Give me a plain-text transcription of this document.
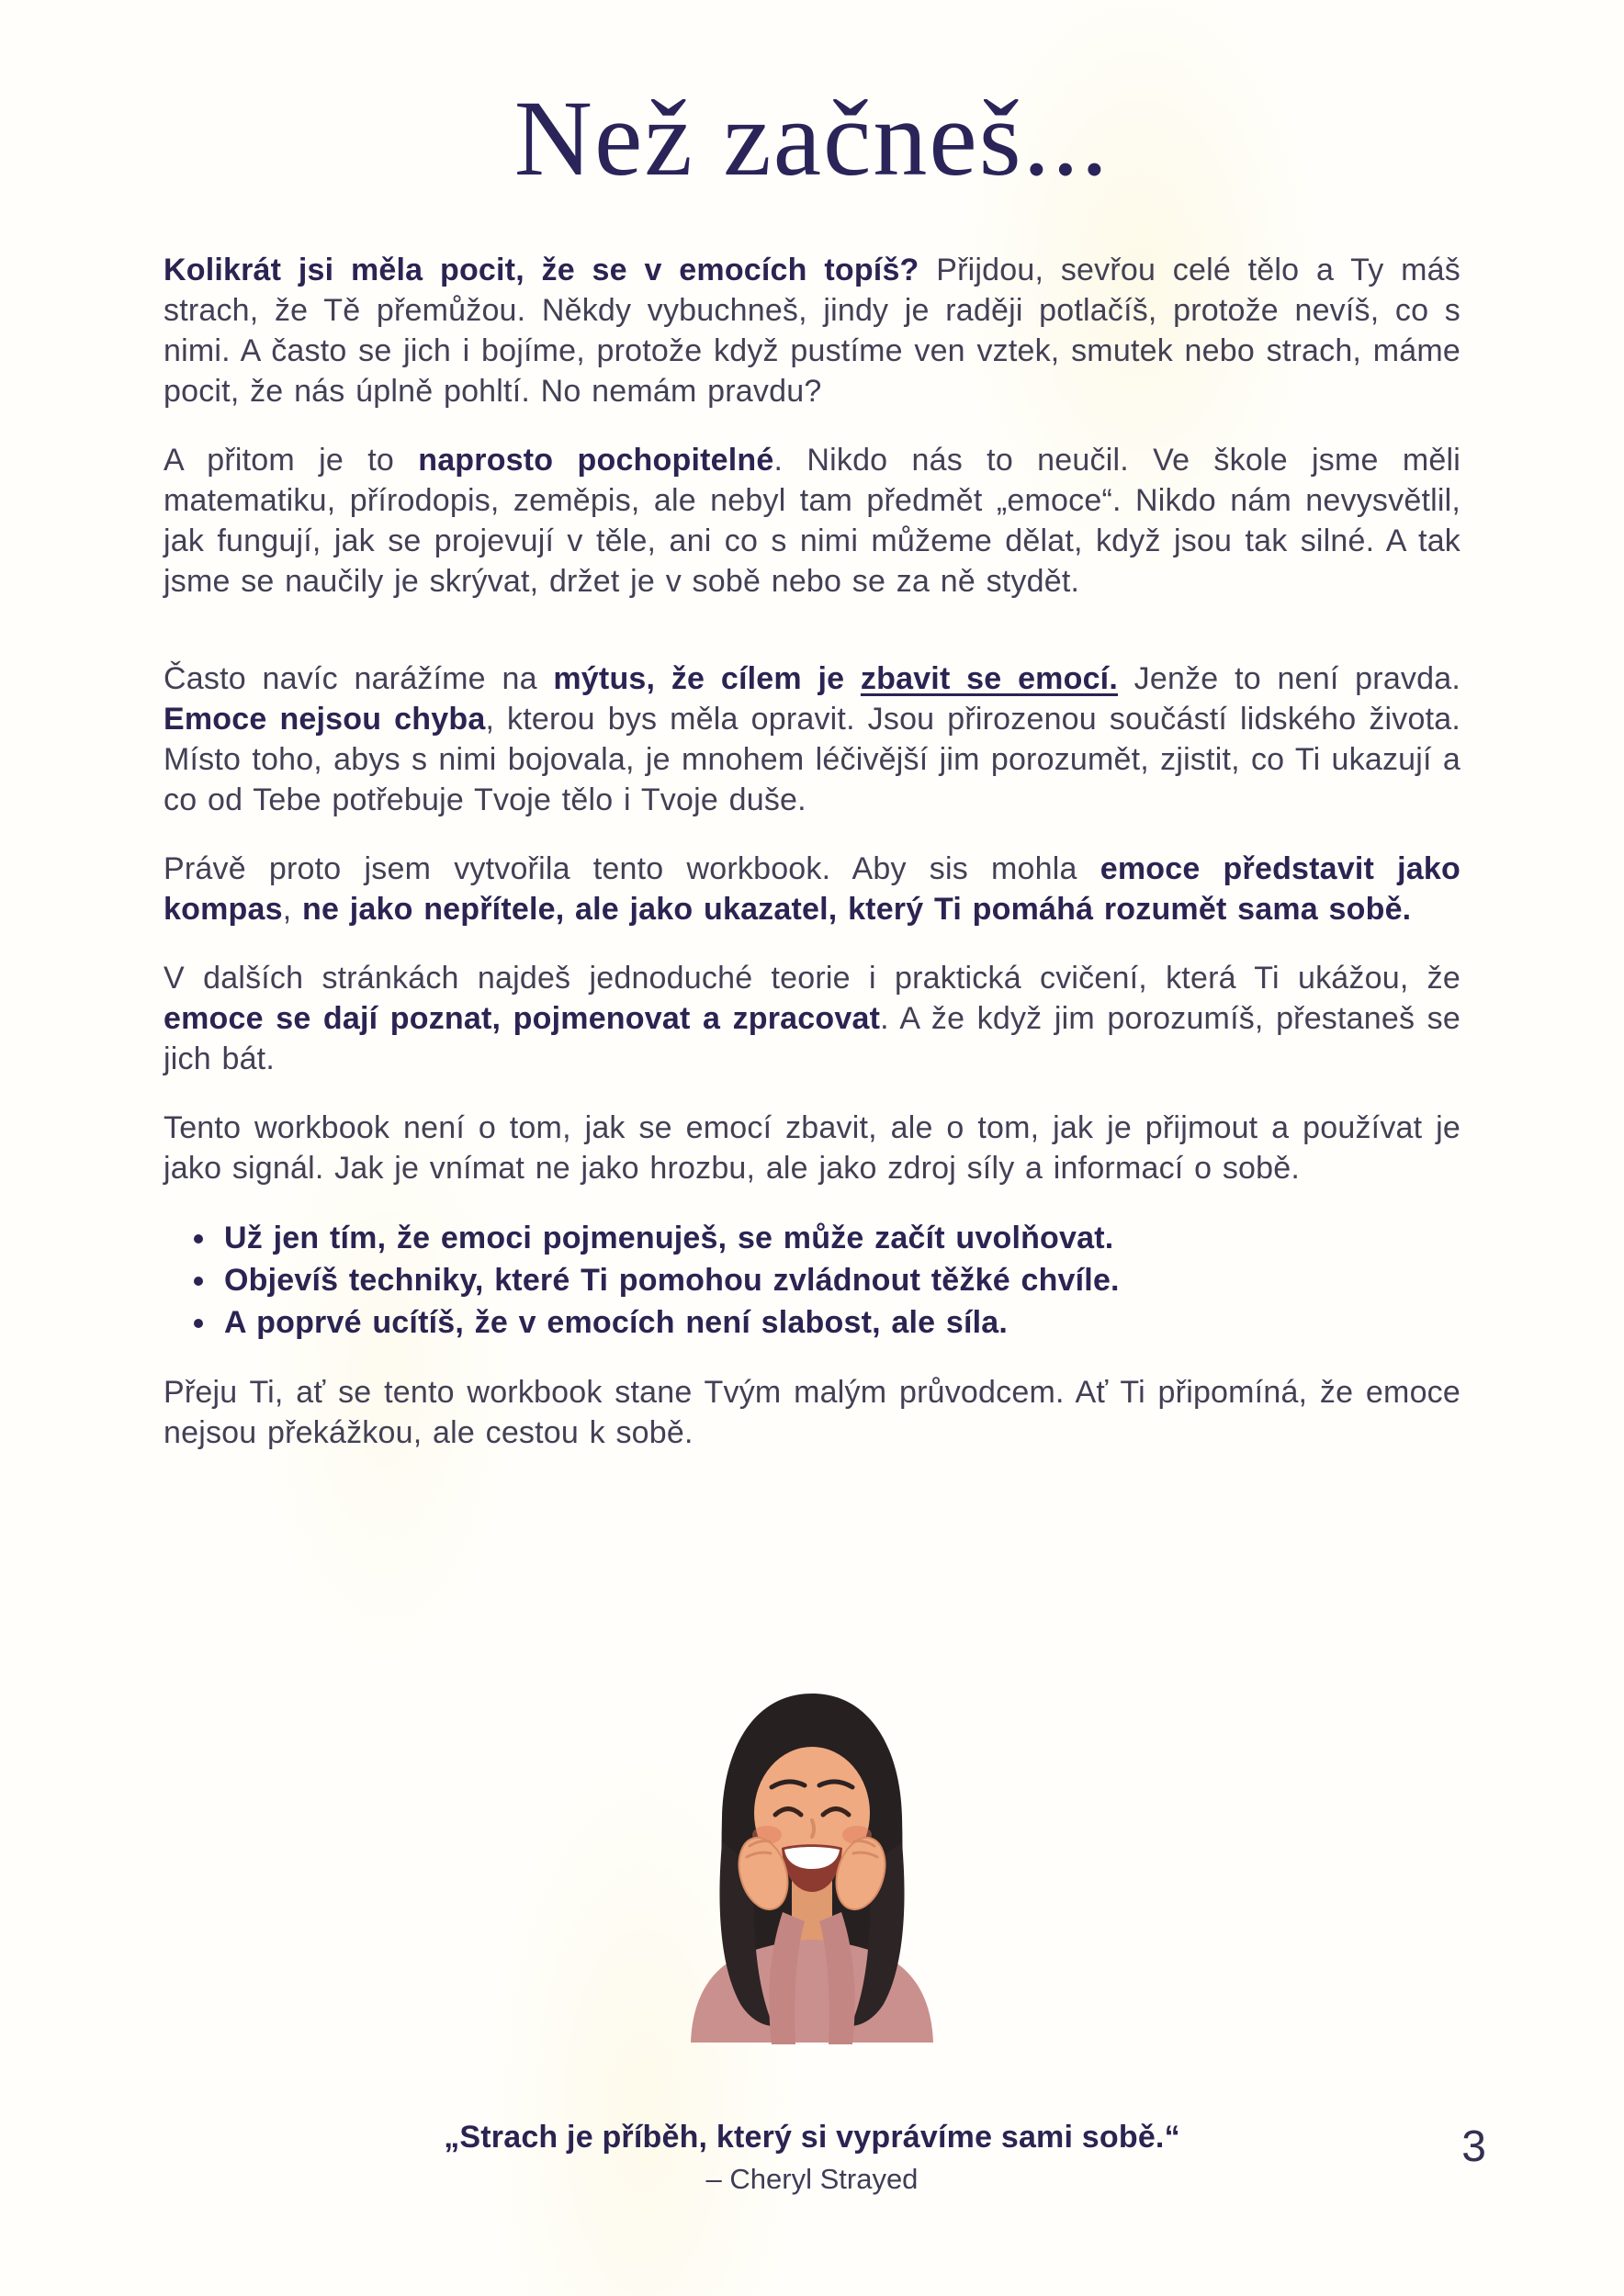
Než začneš...

Kolikrát jsi měla pocit, že se v emocích topíš? Přijdou, sevřou celé tělo a Ty máš strach, že Tě přemůžou. Někdy vybuchneš, jindy je raději potlačíš, protože nevíš, co s nimi. A často se jich i bojíme, protože když pustíme ven vztek, smutek nebo strach, máme pocit, že nás úplně pohltí. No nemám pravdu?

A přitom je to naprosto pochopitelné. Nikdo nás to neučil. Ve škole jsme měli matematiku, přírodopis, zeměpis, ale nebyl tam předmět „emoce“. Nikdo nám nevysvětlil, jak fungují, jak se projevují v těle, ani co s nimi můžeme dělat, když jsou tak silné. A tak jsme se naučily je skrývat, držet je v sobě nebo se za ně stydět.

Často navíc narážíme na mýtus, že cílem je zbavit se emocí. Jenže to není pravda. Emoce nejsou chyba, kterou bys měla opravit. Jsou přirozenou součástí lidského života. Místo toho, abys s nimi bojovala, je mnohem léčivější jim porozumět, zjistit, co Ti ukazují a co od Tebe potřebuje Tvoje tělo i Tvoje duše.

Právě proto jsem vytvořila tento workbook. Aby sis mohla emoce představit jako kompas, ne jako nepřítele, ale jako ukazatel, který Ti pomáhá rozumět sama sobě.

V dalších stránkách najdeš jednoduché teorie i praktická cvičení, která Ti ukážou, že emoce se dají poznat, pojmenovat a zpracovat. A že když jim porozumíš, přestaneš se jich bát.

Tento workbook není o tom, jak se emocí zbavit, ale o tom, jak je přijmout a používat je jako signál. Jak je vnímat ne jako hrozbu, ale jako zdroj síly a informací o sobě.

• Už jen tím, že emoci pojmenuješ, se může začít uvolňovat.
• Objevíš techniky, které Ti pomohou zvládnout těžké chvíle.
• A poprvé ucítíš, že v emocích není slabost, ale síla.

Přeju Ti, ať se tento workbook stane Tvým malým průvodcem. Ať Ti připomíná, že emoce nejsou překážkou, ale cestou k sobě.

„Strach je příběh, který si vyprávíme sami sobě.“
– Cheryl Strayed
3
